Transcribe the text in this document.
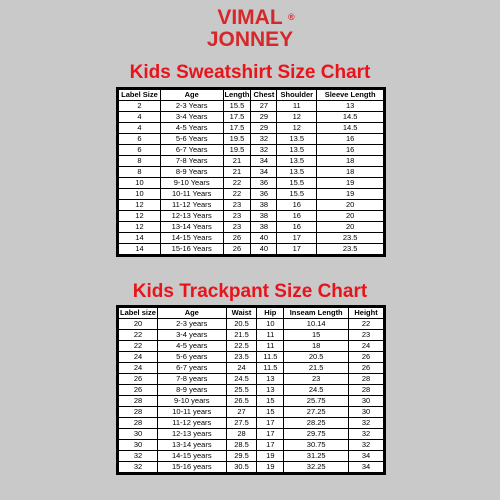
VIMAL ®
JONNEY
Kids Sweatshirt Size Chart
Label Size	Age	Length	Chest	Shoulder	Sleeve Length
2	2-3 Years	15.5	27	11	13
4	3-4 Years	17.5	29	12	14.5
4	4-5 Years	17.5	29	12	14.5
6	5-6 Years	19.5	32	13.5	16
6	6-7 Years	19.5	32	13.5	16
8	7-8 Years	21	34	13.5	18
8	8-9 Years	21	34	13.5	18
10	9-10 Years	22	36	15.5	19
10	10-11 Years	22	36	15.5	19
12	11-12 Years	23	38	16	20
12	12-13 Years	23	38	16	20
12	13-14 Years	23	38	16	20
14	14-15 Years	26	40	17	23.5
14	15-16 Years	26	40	17	23.5
Kids Trackpant Size Chart
Label size	Age	Waist	Hip	Inseam Length	Height
20	2-3 years	20.5	10	10.14	22
22	3-4 years	21.5	11	15	23
22	4-5 years	22.5	11	18	24
24	5-6 years	23.5	11.5	20.5	26
24	6-7 years	24	11.5	21.5	26
26	7-8 years	24.5	13	23	28
26	8-9 years	25.5	13	24.5	28
28	9-10 years	26.5	15	25.75	30
28	10-11 years	27	15	27.25	30
28	11-12 years	27.5	17	28.25	32
30	12-13 years	28	17	29.75	32
30	13-14 years	28.5	17	30.75	32
32	14-15 years	29.5	19	31.25	34
32	15-16 years	30.5	19	32.25	34
